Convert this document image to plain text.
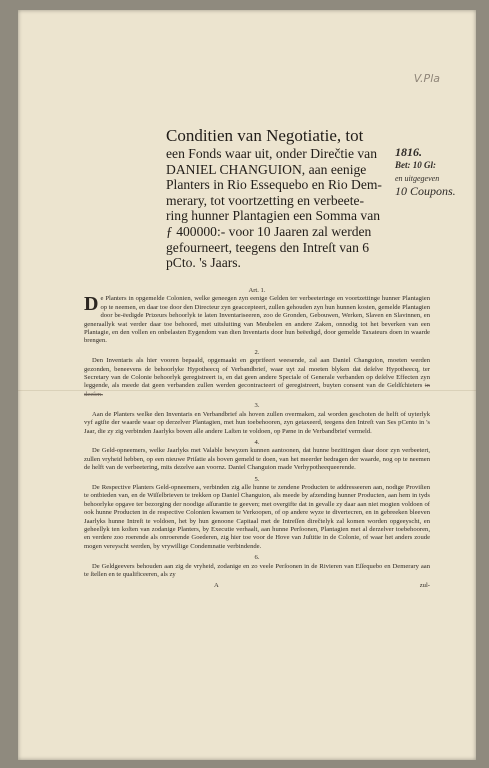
V.Pla
1816.
Bet: 10 Gl:
en uitgegeven
10 Coupons.
Conditien van Negotiatie, tot
een Fonds waar uit, onder Direčtie van
DANIEL CHANGUION, aan eenige
Planters in Rio Essequebo en Rio Dem-
merary, tot voortzetting en verbeete-
ring hunner Plantagien een Somma van
ƒ 400000:- voor 10 Jaaren zal werden
gefourneert, teegens den Intreſt van 6
pCto. 's Jaars.
Art. 1.

De Planters in opgemelde Colonien, welke geneegen zyn eenige Gelden ter verbeeteringe en voortzettinge hunner Plantagien op te neemen, en daar toe door den Directeur zyn geaccepteert, zullen gehouden zyn hun hunnen kosten, gemelde Plantagien door be-ëedigde Prizeurs behoorlyk te laten Inventariseeren, zoo de Gronden, Gebouwen, Werken, Slaven en Slavinnen, en generaallyk wat verder daar toe behoord, met uitsluiting van Meubelen en andere Zaken, onnodig tot het beverken van een Plantagie, en den vollen en onbelasten Eygendom van dien Inventaris door hun beëedigd, door gemelde Taxateurs doen in waarde brengen.

2.

Den Inventaris als hier vooren bepaald, opgemaakt en geprifeert weesende, zal aan Daniel Changuion, moeten werden gezonden, beneevens de behoorlyke Hypotheecq of Verbandbrief, waar uyt zal moeten blyken dat deſelve Hypotheecq, ter Secretary van de Colonie behoorlyk geregistreert is, en dat geen andere Speciale of Generale verbanden op deſelve Effecten zyn leggende, als meede dat geen verbanden zullen werden gecontracteert of geregistreert, buyten consent van de Geldſchieters in deeſen.

3.

Aan de Planters welke den Inventaris en Verbandbrief als hoven zullen overmaken, zal worden geschoten de helft of uyterlyk vyf agtſte der waarde waar op derzelver Plantagien, met hun toebehooren, zyn getaxeerd, teegens den Intreſt van Ses pCento in 's Jaar, die zy zig verbinden Jaarlyks boven alle andere Laſten te voldoen, op Pæne in de Verbandbrief vermeld.

4.

De Geld-opneemers, welke Jaarlyks met Valable bewyzen kunnen aantoonen, dat hunne bezittingen daar door zyn verbeetert, zullen vryheid hebben, op een nieuwe Priſatie als boven gemeld te doen, van het meerder bedragen der waarde, nog op te neemen de helft van de verbeetering, mits dezelve aan voornz. Daniel Changuion made Verhypotheequeerende.

5.

De Respective Planters Geld-opneemers, verbinden zig alle hunne te zendene Producten te addresseeren aan, nodige Proviſien te ontbieden van, en de Wiſſelbrieven te trekken op Daniel Changuion, als meede by afzending hunner Producten, aan hem in tyds behoorlyke opgave ter bezorging der noodige aſſurantie te geeven; met overgifte dat in gevalle zy daar aan niet mogten voldoen of ook hunne Producten in de respective Colonien kwamen te Verkoopen, of op andere wyze te divertecren, en in gebreeken bleeven Jaarlyks hunne Intreſt te voldoen, het by hun genoone Capitaal met de Intreſſen direčtelyk zal komen worden opgeeyscht, en geheellyk ten koſten van zodanige Planters, by Executie verhaalt, aan hunne Perſoonen, Plantagien met al derzelver toebehooren, en verdere zoo roerende als onroerende Goederen, zig hier toe voor de Hove van Juſtitie in de Colonie, of waar het anders zoude mogen vereyscht werden, by vrywillige Condemnatie verbindende.

6.

De Geldgeevers behouden aan zig de vryheid, zodanige en zo veele Perſoonen in de Rivieren van Eſſequebo en Demerary aan te ſtellen en te qualificeeren, als zy

A	zul-
